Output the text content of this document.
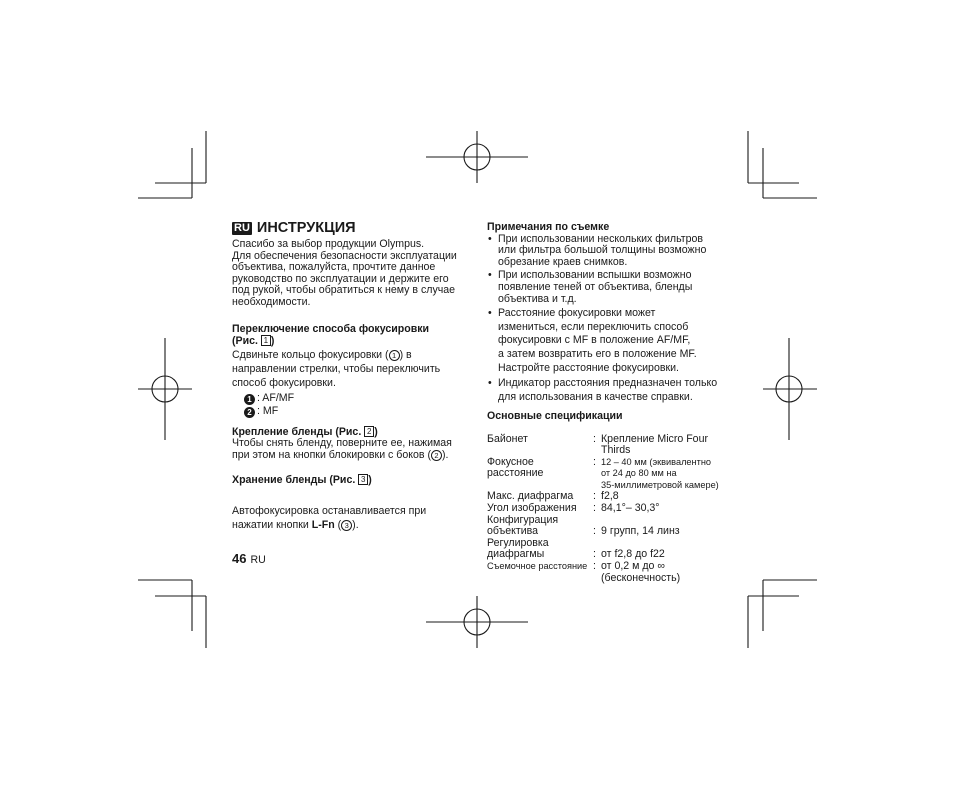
RU ИНСТРУКЦИЯ

Спасибо за выбор продукции Olympus.

Для обеспечения безопасности эксплуатации

объектива, пожалуйста, прочтите данное

руководство по эксплуатации и держите его

под рукой, чтобы обратиться к нему в случае

необходимости.

Переключение способа фокусировки
(Рис. 1 )

Сдвиньте кольцо фокусировки ( 1 ) в

направлении стрелки, чтобы переключить

способ фокусировки.

1 : AF/MF

2 : MF

Крепление бленды (Рис. 2 )

Чтобы снять бленду, поверните ее, нажимая

при этом на кнопки блокировки с боков ( 2 ).

Хранение бленды (Рис. 3 )

Автофокусировка останавливается при

нажатии кнопки L-Fn ( 3 ).

46 RU

Примечания по съемке

• При использовании нескольких фильтров
или фильтра большой толщины возможно
обрезание краев снимков.
• При использовании вспышки возможно
появление теней от объектива, бленды
объектива и т.д.
• Расстояние фокусировки может
измениться, если переключить способ
фокусировки с MF в положение AF/MF,
а затем возвратить его в положение MF.
Настройте расстояние фокусировки.
• Индикатор расстояния предназначен только
для использования в качестве справки.

Основные спецификации

Байонет	: Крепление Micro Four
Thirds
Фокусное расстояние
: 12 – 40 мм (эквивалентно
от 24 до 80 мм на
35-миллиметровой камере)
Макс. диафрагма	: f2,8
Угол изображения	: 84,1°– 30,3°
Конфигурация
объектива	: 9 групп, 14 линз
Регулировка
диафрагмы	: от f2,8 до f22
Съемочное расстояние : от 0,2 м до ∞
(бесконечность)
